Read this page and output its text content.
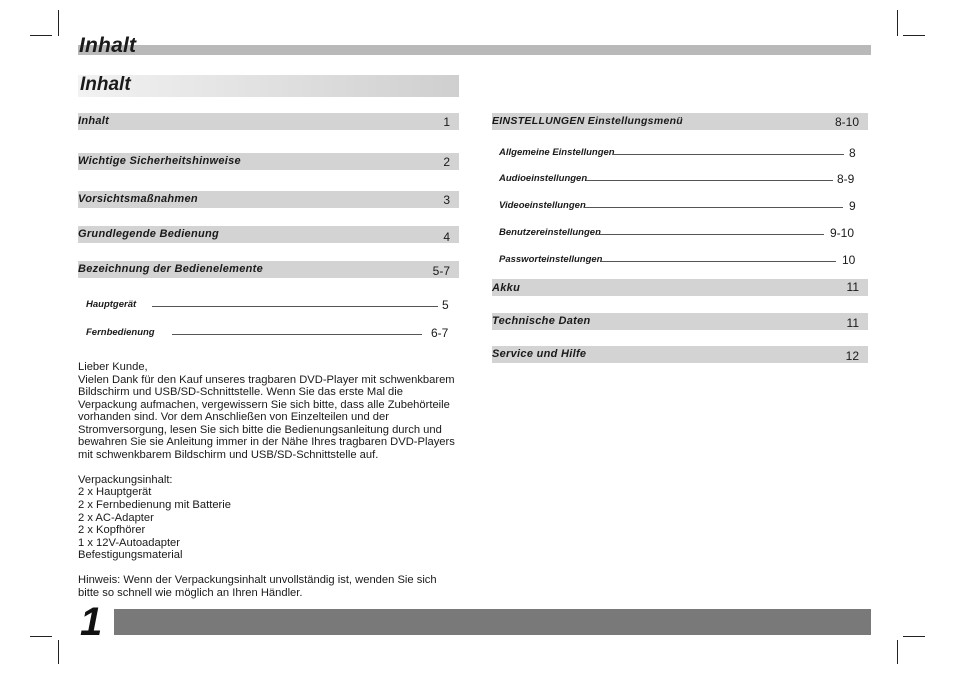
Inhalt
Inhalt
Inhalt	1
Wichtige Sicherheitshinweise	2
Vorsichtsmaßnahmen	3
Grundlegende Bedienung	4
Bezeichnung der Bedienelemente	5-7
Hauptgerät	5
Fernbedienung	6-7
EINSTELLUNGEN Einstellungsmenü	8-10
Allgemeine Einstellungen	8
Audioeinstellungen	8-9
Videoeinstellungen	9
Benutzereinstellungen	9-10
Passworteinstellungen	10
Akku	11
Technische Daten	11
Service und Hilfe	12
Lieber Kunde,
Vielen Dank für den Kauf unseres tragbaren DVD-Player mit schwenkbarem
Bildschirm und USB/SD-Schnittstelle. Wenn Sie das erste Mal die
Verpackung aufmachen, vergewissern Sie sich bitte, dass alle Zubehörteile
vorhanden sind. Vor dem Anschließen von Einzelteilen und der
Stromversorgung, lesen Sie sich bitte die Bedienungsanleitung durch und
bewahren Sie sie Anleitung immer in der Nähe Ihres tragbaren DVD-Players
mit schwenkbarem Bildschirm und USB/SD-Schnittstelle auf.

Verpackungsinhalt:
2 x Hauptgerät
2 x Fernbedienung mit Batterie
2 x AC-Adapter
2 x Kopfhörer
1 x 12V-Autoadapter
Befestigungsmaterial

Hinweis: Wenn der Verpackungsinhalt unvollständig ist, wenden Sie sich
bitte so schnell wie möglich an Ihren Händler.
1
